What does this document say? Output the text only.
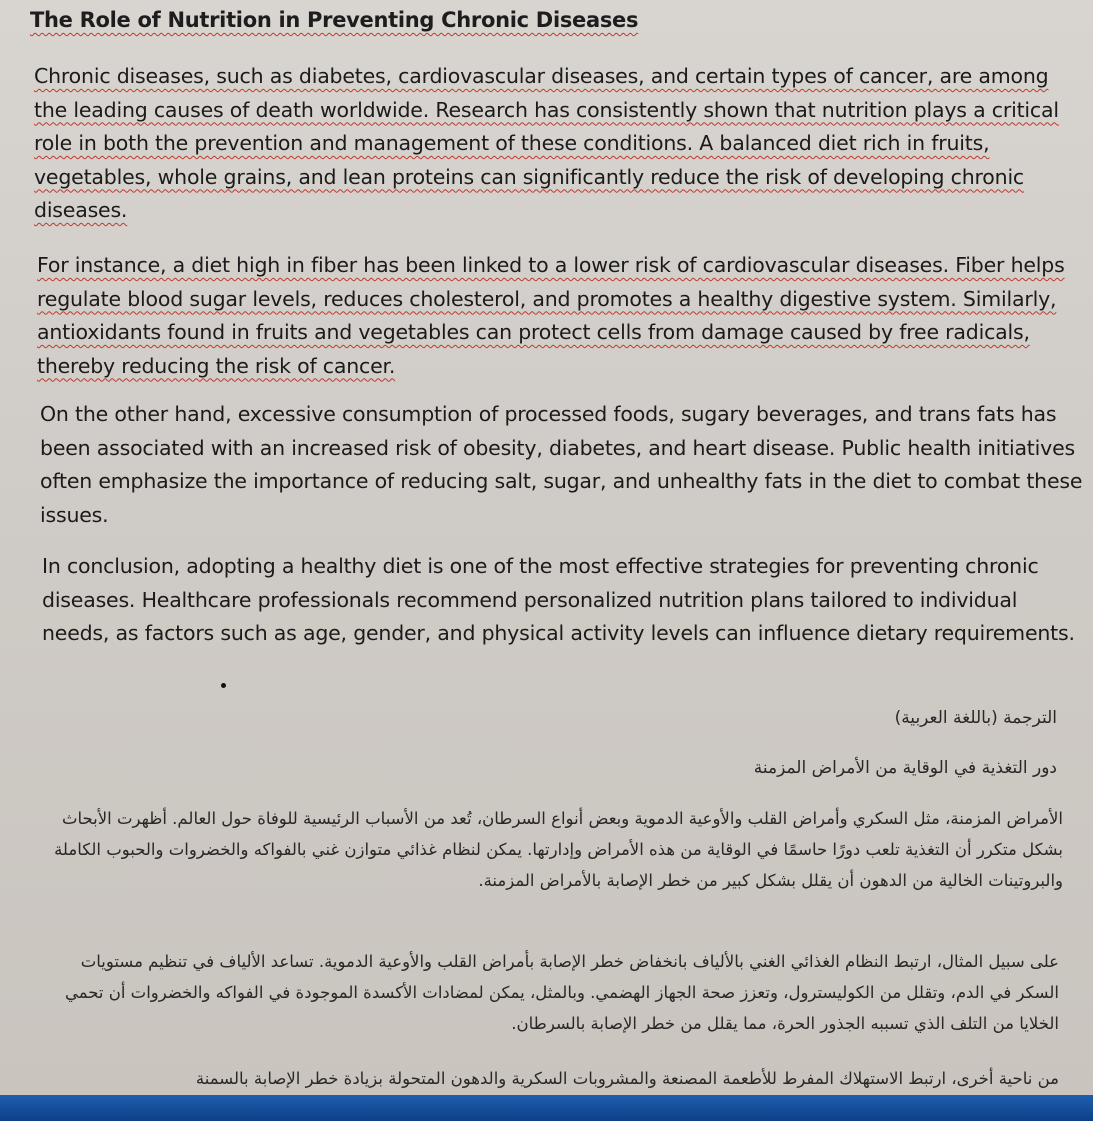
The Role of Nutrition in Preventing Chronic Diseases

Chronic diseases, such as diabetes, cardiovascular diseases, and certain types of cancer, are among the leading causes of death worldwide. Research has consistently shown that nutrition plays a critical role in both the prevention and management of these conditions. A balanced diet rich in fruits, vegetables, whole grains, and lean proteins can significantly reduce the risk of developing chronic diseases.

For instance, a diet high in fiber has been linked to a lower risk of cardiovascular diseases. Fiber helps regulate blood sugar levels, reduces cholesterol, and promotes a healthy digestive system. Similarly, antioxidants found in fruits and vegetables can protect cells from damage caused by free radicals, thereby reducing the risk of cancer.

On the other hand, excessive consumption of processed foods, sugary beverages, and trans fats has been associated with an increased risk of obesity, diabetes, and heart disease. Public health initiatives often emphasize the importance of reducing salt, sugar, and unhealthy fats in the diet to combat these issues.

In conclusion, adopting a healthy diet is one of the most effective strategies for preventing chronic diseases. Healthcare professionals recommend personalized nutrition plans tailored to individual needs, as factors such as age, gender, and physical activity levels can influence dietary requirements.

الترجمة (باللغة العربية)

دور التغذية في الوقاية من الأمراض المزمنة

الأمراض المزمنة، مثل السكري وأمراض القلب والأوعية الدموية وبعض أنواع السرطان، تُعد من الأسباب الرئيسية للوفاة حول العالم. أظهرت الأبحاث بشكل متكرر أن التغذية تلعب دورًا حاسمًا في الوقاية من هذه الأمراض وإدارتها. يمكن لنظام غذائي متوازن غني بالفواكه والخضروات والحبوب الكاملة والبروتينات الخالية من الدهون أن يقلل بشكل كبير من خطر الإصابة بالأمراض المزمنة.

على سبيل المثال، ارتبط النظام الغذائي الغني بالألياف بانخفاض خطر الإصابة بأمراض القلب والأوعية الدموية. تساعد الألياف في تنظيم مستويات السكر في الدم، وتقلل من الكوليسترول، وتعزز صحة الجهاز الهضمي. وبالمثل، يمكن لمضادات الأكسدة الموجودة في الفواكه والخضروات أن تحمي الخلايا من التلف الذي تسببه الجذور الحرة، مما يقلل من خطر الإصابة بالسرطان.

من ناحية أخرى، ارتبط الاستهلاك المفرط للأطعمة المصنعة والمشروبات السكرية والدهون المتحولة بزيادة خطر الإصابة بالسمنة
